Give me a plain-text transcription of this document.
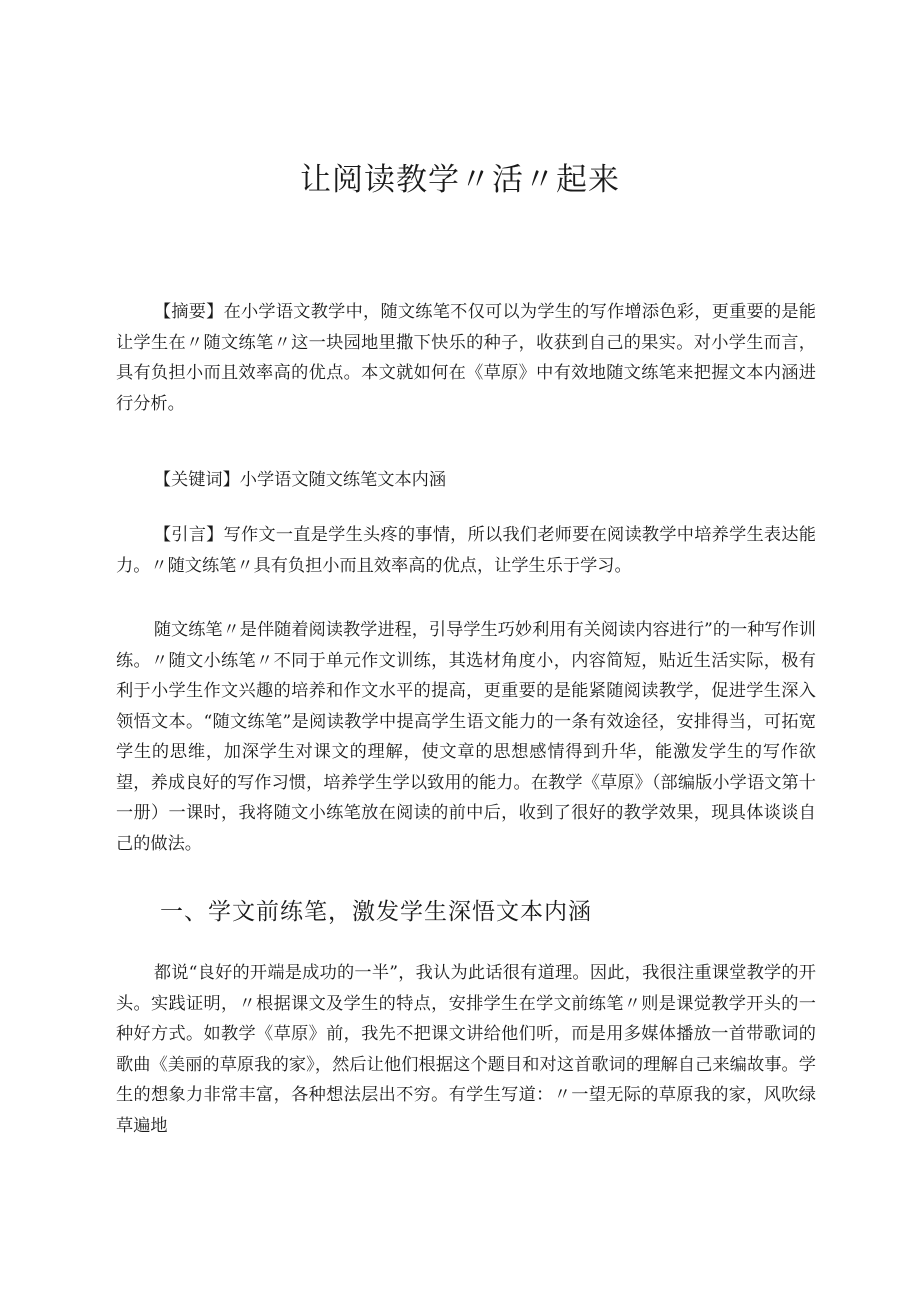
让阅读教学〃活〃起来

【摘要】在小学语文教学中，随文练笔不仅可以为学生的写作增添色彩，更重要的是能让学生在〃随文练笔〃这一块园地里撒下快乐的种子，收获到自己的果实。对小学生而言，具有负担小而且效率高的优点。本文就如何在《草原》中有效地随文练笔来把握文本内涵进行分析。

【关键词】小学语文随文练笔文本内涵

【引言】写作文一直是学生头疼的事情，所以我们老师要在阅读教学中培养学生表达能力。〃随文练笔〃具有负担小而且效率高的优点，让学生乐于学习。

随文练笔〃是伴随着阅读教学进程，引导学生巧妙利用有关阅读内容进行”的一种写作训练。〃随文小练笔〃不同于单元作文训练，其选材角度小，内容简短，贴近生活实际，极有利于小学生作文兴趣的培养和作文水平的提高，更重要的是能紧随阅读教学，促进学生深入领悟文本。“随文练笔”是阅读教学中提高学生语文能力的一条有效途径，安排得当，可拓宽学生的思维，加深学生对课文的理解，使文章的思想感情得到升华，能激发学生的写作欲望，养成良好的写作习惯，培养学生学以致用的能力。在教学《草原》（部编版小学语文第十一册）一课时，我将随文小练笔放在阅读的前中后，收到了很好的教学效果，现具体谈谈自己的做法。

一、学文前练笔，激发学生深悟文本内涵

都说“良好的开端是成功的一半”，我认为此话很有道理。因此，我很注重课堂教学的开头。实践证明，〃根据课文及学生的特点，安排学生在学文前练笔〃则是课觉教学开头的一种好方式。如教学《草原》前，我先不把课文讲给他们听，而是用多媒体播放一首带歌词的歌曲《美丽的草原我的家》，然后让他们根据这个题目和对这首歌词的理解自己来编故事。学生的想象力非常丰富，各种想法层出不穷。有学生写道：〃一望无际的草原我的家，风吹绿草遍地
